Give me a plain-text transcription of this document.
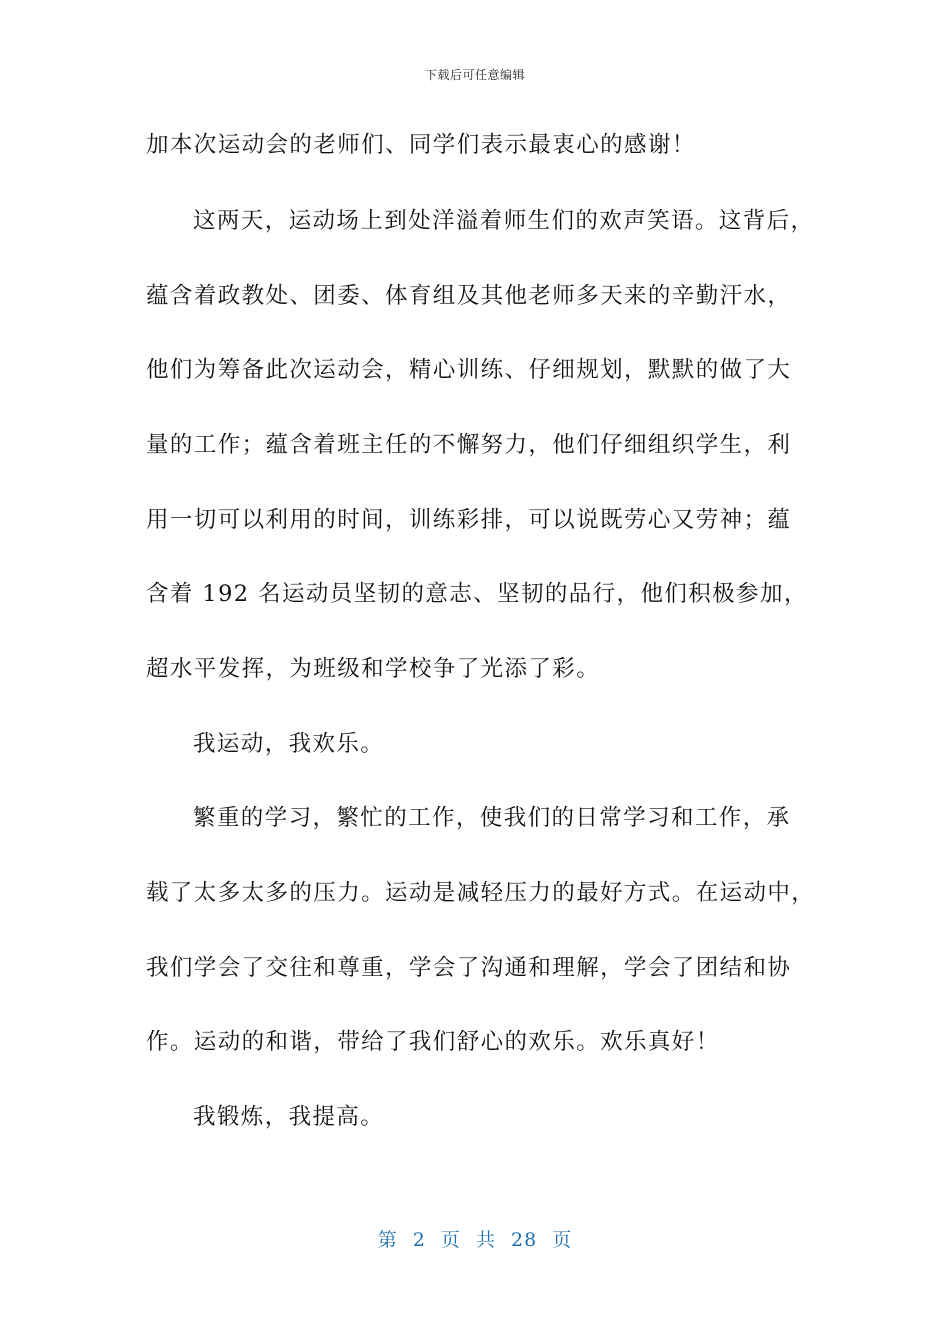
下载后可任意编辑
加本次运动会的老师们、同学们表示最衷心的感谢！
这两天，运动场上到处洋溢着师生们的欢声笑语。这背后，
蕴含着政教处、团委、体育组及其他老师多天来的辛勤汗水，
他们为筹备此次运动会，精心训练、仔细规划，默默的做了大
量的工作；蕴含着班主任的不懈努力，他们仔细组织学生，利
用一切可以利用的时间，训练彩排，可以说既劳心又劳神；蕴
含着 192 名运动员坚韧的意志、坚韧的品行，他们积极参加，
超水平发挥，为班级和学校争了光添了彩。
我运动，我欢乐。
繁重的学习，繁忙的工作，使我们的日常学习和工作，承
载了太多太多的压力。运动是减轻压力的最好方式。在运动中，
我们学会了交往和尊重，学会了沟通和理解，学会了团结和协
作。运动的和谐，带给了我们舒心的欢乐。欢乐真好！
我锻炼，我提高。
第 2 页 共 28 页
